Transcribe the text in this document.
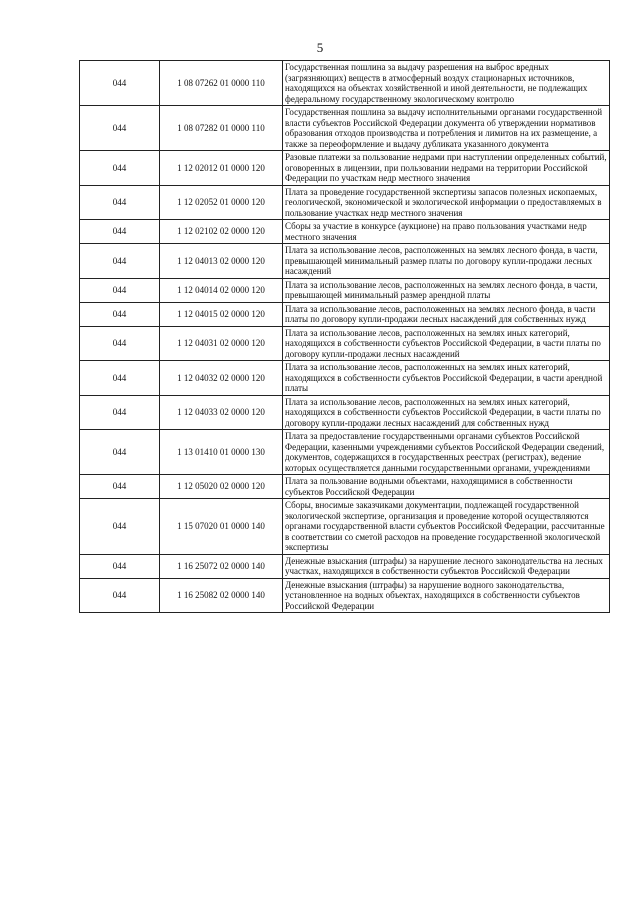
5
044	1 08 07262 01 0000 110	Государственная пошлина за выдачу разрешения на выброс вредных (загрязняющих) веществ в атмосферный воздух стационарных источников, находящихся на объектах хозяйственной и иной деятельности, не подлежащих федеральному государственному экологическому контролю
044	1 08 07282 01 0000 110	Государственная пошлина за выдачу исполнительными органами государственной власти субъектов Российской Федерации документа об утверждении нормативов образования отходов производства и потребления и лимитов на их размещение, а также за переоформление и выдачу дубликата указанного документа
044	1 12 02012 01 0000 120	Разовые платежи за пользование недрами при наступлении определенных событий, оговоренных в лицензии, при пользовании недрами на территории Российской Федерации по участкам недр местного значения
044	1 12 02052 01 0000 120	Плата за проведение государственной экспертизы запасов полезных ископаемых, геологической, экономической и экологической информации о предоставляемых в пользование участках недр местного значения
044	1 12 02102 02 0000 120	Сборы за участие в конкурсе (аукционе) на право пользования участками недр местного значения
044	1 12 04013 02 0000 120	Плата за использование лесов, расположенных на землях лесного фонда, в части, превышающей минимальный размер платы по договору купли-продажи лесных насаждений
044	1 12 04014 02 0000 120	Плата за использование лесов, расположенных на землях лесного фонда, в части, превышающей минимальный размер арендной платы
044	1 12 04015 02 0000 120	Плата за использование лесов, расположенных на землях лесного фонда, в части платы по договору купли-продажи лесных насаждений для собственных нужд
044	1 12 04031 02 0000 120	Плата за использование лесов, расположенных на землях иных категорий, находящихся в собственности субъектов Российской Федерации, в части платы по договору купли-продажи лесных насаждений
044	1 12 04032 02 0000 120	Плата за использование лесов, расположенных на землях иных категорий, находящихся в собственности субъектов Российской Федерации, в части арендной платы
044	1 12 04033 02 0000 120	Плата за использование лесов, расположенных на землях иных категорий, находящихся в собственности субъектов Российской Федерации, в части платы по договору купли-продажи лесных насаждений для собственных нужд
044	1 13 01410 01 0000 130	Плата за предоставление государственными органами субъектов Российской Федерации, казенными учреждениями субъектов Российской Федерации сведений, документов, содержащихся в государственных реестрах (регистрах), ведение которых осуществляется данными государственными органами, учреждениями
044	1 12 05020 02 0000 120	Плата за пользование водными объектами, находящимися в собственности субъектов Российской Федерации
044	1 15 07020 01 0000 140	Сборы, вносимые заказчиками документации, подлежащей государственной экологической экспертизе, организация и проведение которой осуществляются органами государственной власти субъектов Российской Федерации, рассчитанные в соответствии со сметой расходов на проведение государственной экологической экспертизы
044	1 16 25072 02 0000 140	Денежные взыскания (штрафы) за нарушение лесного законодательства на лесных участках, находящихся в собственности субъектов Российской Федерации
044	1 16 25082 02 0000 140	Денежные взыскания (штрафы) за нарушение водного законодательства, установленное на водных объектах, находящихся в собственности субъектов Российской Федерации
